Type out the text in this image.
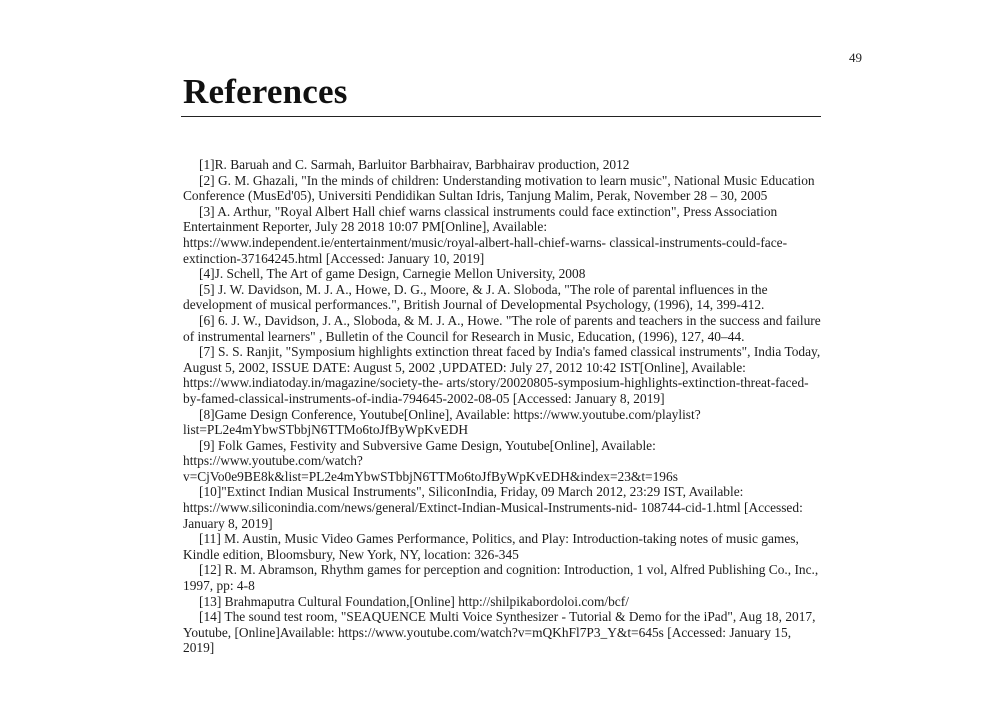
49
References

[1]R. Baruah and C. Sarmah, Barluitor Barbhairav, Barbhairav production, 2012

[2] G. M. Ghazali, "In the minds of children: Understanding motivation to learn music", National Music Education Conference (MusEd'05), Universiti Pendidikan Sultan Idris, Tanjung Malim, Perak, November 28 – 30, 2005

[3] A. Arthur, "Royal Albert Hall chief warns classical instruments could face extinction", Press Association Entertainment Reporter, July 28 2018 10:07 PM[Online], Available: https://www.independent.ie/entertainment/music/royal-albert-hall-chief-warns- classical-instruments-could-face-extinction-37164245.html [Accessed: January 10, 2019]

[4]J. Schell, The Art of game Design, Carnegie Mellon University, 2008

[5] J. W. Davidson, M. J. A., Howe, D. G., Moore, & J. A. Sloboda, "The role of parental influences in the development of musical performances.", British Journal of Developmental Psychology, (1996), 14, 399-412.

[6] 6. J. W., Davidson, J. A., Sloboda, & M. J. A., Howe. "The role of parents and teachers in the success and failure of instrumental learners" , Bulletin of the Council for Research in Music, Education, (1996), 127, 40–44.

[7] S. S. Ranjit, "Symposium highlights extinction threat faced by India's famed classical instruments", India Today, August 5, 2002, ISSUE DATE: August 5, 2002 ,UPDATED: July 27, 2012 10:42 IST[Online], Available: https://www.indiatoday.in/magazine/society-the- arts/story/20020805-symposium-highlights-extinction-threat-faced-by-famed-classical-instruments-of-india-794645-2002-08-05 [Accessed: January 8, 2019]

[8]Game Design Conference, Youtube[Online], Available: https://www.youtube.com/playlist?list=PL2e4mYbwSTbbjN6TTMo6toJfByWpKvEDH

[9] Folk Games, Festivity and Subversive Game Design, Youtube[Online], Available: https://www.youtube.com/watch?v=CjVo0e9BE8k&list=PL2e4mYbwSTbbjN6TTMo6toJfByWpKvEDH&index=23&t=196s

[10]"Extinct Indian Musical Instruments", SiliconIndia, Friday, 09 March 2012, 23:29 IST, Available: https://www.siliconindia.com/news/general/Extinct-Indian-Musical-Instruments-nid- 108744-cid-1.html [Accessed: January 8, 2019]

[11] M. Austin, Music Video Games Performance, Politics, and Play: Introduction-taking notes of music games, Kindle edition, Bloomsbury, New York, NY, location: 326-345

[12] R. M. Abramson, Rhythm games for perception and cognition: Introduction, 1 vol, Alfred Publishing Co., Inc., 1997, pp: 4-8

[13] Brahmaputra Cultural Foundation,[Online] http://shilpikabordoloi.com/bcf/

[14] The sound test room, "SEAQUENCE Multi Voice Synthesizer - Tutorial & Demo for the iPad", Aug 18, 2017, Youtube, [Online]Available: https://www.youtube.com/watch?v=mQKhFl7P3_Y&t=645s [Accessed: January 15, 2019]
